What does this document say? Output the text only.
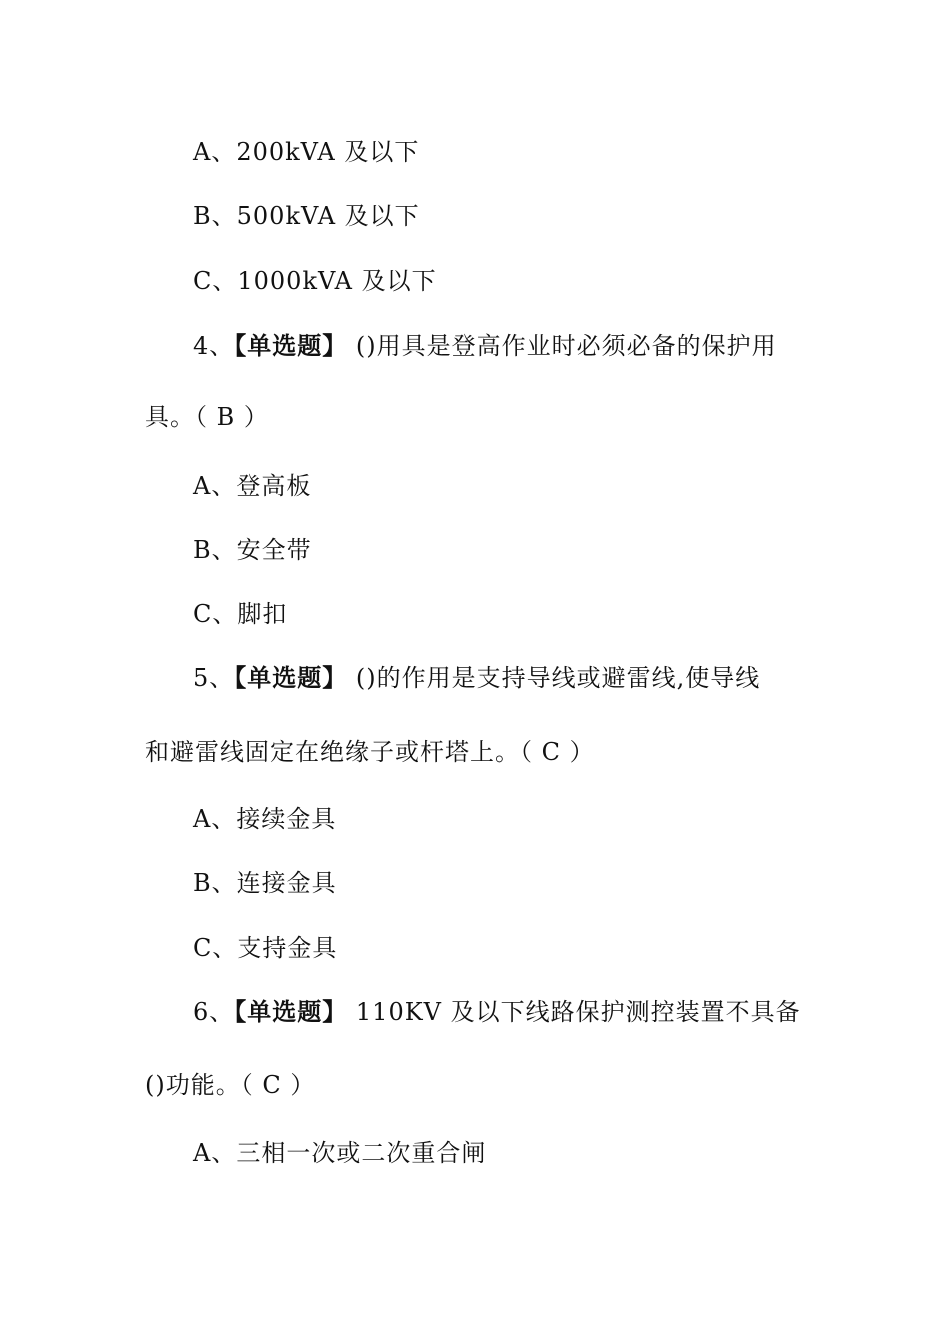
A、200kVA 及以下
B、500kVA 及以下
C、1000kVA 及以下
4、【单选题】 ()用具是登高作业时必须必备的保护用
具。（ B ）
A、登高板
B、安全带
C、脚扣
5、【单选题】 ()的作用是支持导线或避雷线,使导线
和避雷线固定在绝缘子或杆塔上。（ C ）
A、接续金具
B、连接金具
C、支持金具
6、【单选题】 110KV 及以下线路保护测控装置不具备
()功能。（ C ）
A、三相一次或二次重合闸
